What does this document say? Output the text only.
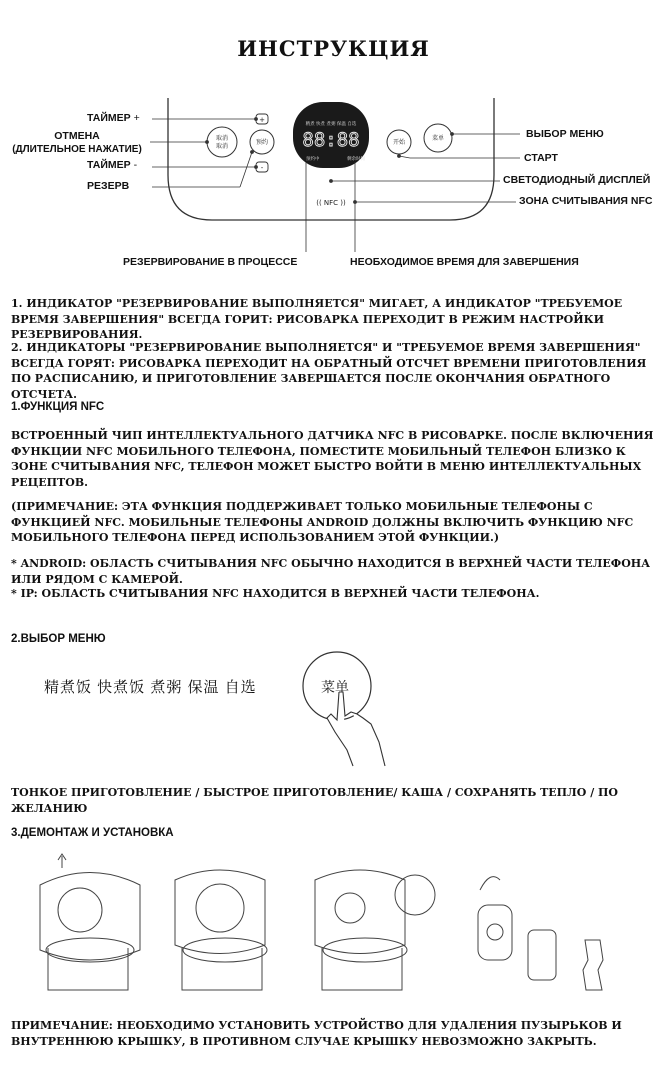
ИНСТРУКЦИЯ
精煮 快煮 煮粥 保温 自选
88:88
预约中	剩余时间
取消
取消
预约
+
-
开始
菜单
(( NFC ))
ТАЙМЕР +
ОТМЕНА
(ДЛИТЕЛЬНОЕ НАЖАТИЕ)
ТАЙМЕР -
РЕЗЕРВ
ВЫБОР МЕНЮ
СТАРТ
СВЕТОДИОДНЫЙ ДИСПЛЕЙ
ЗОНА СЧИТЫВАНИЯ NFC
РЕЗЕРВИРОВАНИЕ В ПРОЦЕССЕ	НЕОБХОДИМОЕ ВРЕМЯ ДЛЯ ЗАВЕРШЕНИЯ
1. ИНДИКАТОР "РЕЗЕРВИРОВАНИЕ ВЫПОЛНЯЕТСЯ" МИГАЕТ, А ИНДИКАТОР "ТРЕБУЕМОЕ ВРЕМЯ ЗАВЕРШЕНИЯ" ВСЕГДА ГОРИТ: РИСОВАРКА ПЕРЕХОДИТ В РЕЖИМ НАСТРОЙКИ РЕЗЕРВИРОВАНИЯ.
2. ИНДИКАТОРЫ "РЕЗЕРВИРОВАНИЕ ВЫПОЛНЯЕТСЯ" И "ТРЕБУЕМОЕ ВРЕМЯ ЗАВЕРШЕНИЯ" ВСЕГДА ГОРЯТ: РИСОВАРКА ПЕРЕХОДИТ НА ОБРАТНЫЙ ОТСЧЕТ ВРЕМЕНИ ПРИГОТОВЛЕНИЯ ПО РАСПИСАНИЮ, И ПРИГОТОВЛЕНИЕ ЗАВЕРШАЕТСЯ ПОСЛЕ ОКОНЧАНИЯ ОБРАТНОГО ОТСЧЕТА.
1.ФУНКЦИЯ NFC
ВСТРОЕННЫЙ ЧИП ИНТЕЛЛЕКТУАЛЬНОГО ДАТЧИКА NFC В РИСОВАРКЕ. ПОСЛЕ ВКЛЮЧЕНИЯ ФУНКЦИИ NFC МОБИЛЬНОГО ТЕЛЕФОНА, ПОМЕСТИТЕ МОБИЛЬНЫЙ ТЕЛЕФОН БЛИЗКО К ЗОНЕ СЧИТЫВАНИЯ NFC, ТЕЛЕФОН МОЖЕТ БЫСТРО ВОЙТИ В МЕНЮ ИНТЕЛЛЕКТУАЛЬНЫХ РЕЦЕПТОВ.
(ПРИМЕЧАНИЕ: ЭТА ФУНКЦИЯ ПОДДЕРЖИВАЕТ ТОЛЬКО МОБИЛЬНЫЕ ТЕЛЕФОНЫ С ФУНКЦИЕЙ NFC. МОБИЛЬНЫЕ ТЕЛЕФОНЫ ANDROID ДОЛЖНЫ ВКЛЮЧИТЬ ФУНКЦИЮ NFC МОБИЛЬНОГО ТЕЛЕФОНА ПЕРЕД ИСПОЛЬЗОВАНИЕМ ЭТОЙ ФУНКЦИИ.)
* ANDROID: ОБЛАСТЬ СЧИТЫВАНИЯ NFC ОБЫЧНО НАХОДИТСЯ В ВЕРХНЕЙ ЧАСТИ ТЕЛЕФОНА ИЛИ РЯДОМ С КАМЕРОЙ.
* IP: ОБЛАСТЬ СЧИТЫВАНИЯ NFC НАХОДИТСЯ В ВЕРХНЕЙ ЧАСТИ ТЕЛЕФОНА.
2.ВЫБОР МЕНЮ
精煮饭 快煮饭 煮粥 保温 自选	菜单
ТОНКОЕ ПРИГОТОВЛЕНИЕ / БЫСТРОЕ ПРИГОТОВЛЕНИЕ/ КАША / СОХРАНЯТЬ ТЕПЛО / ПО ЖЕЛАНИЮ
3.ДЕМОНТАЖ И УСТАНОВКА
ПРИМЕЧАНИЕ: НЕОБХОДИМО УСТАНОВИТЬ УСТРОЙСТВО ДЛЯ УДАЛЕНИЯ ПУЗЫРЬКОВ И ВНУТРЕННЮЮ КРЫШКУ, В ПРОТИВНОМ СЛУЧАЕ КРЫШКУ НЕВОЗМОЖНО ЗАКРЫТЬ.
